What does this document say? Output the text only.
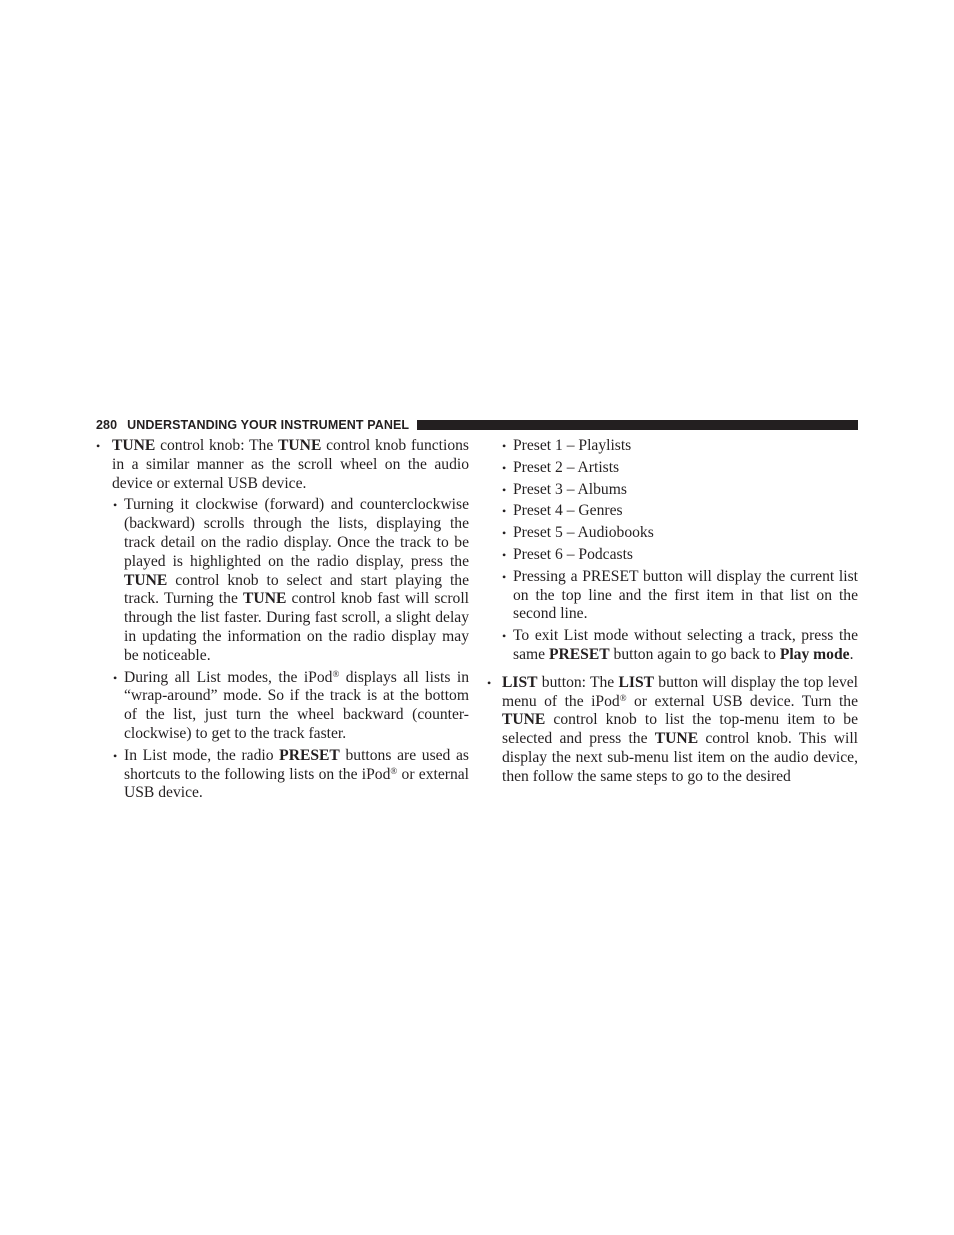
280 UNDERSTANDING YOUR INSTRUMENT PANEL
• TUNE control knob: The TUNE control knob functions in a similar manner as the scroll wheel on the audio device or external USB device.
• Turning it clockwise (forward) and counterclockwise (backward) scrolls through the lists, displaying the track detail on the radio display. Once the track to be played is highlighted on the radio display, press the TUNE control knob to select and start playing the track. Turning the TUNE control knob fast will scroll through the list faster. During fast scroll, a slight delay in updating the information on the radio display may be noticeable.
• During all List modes, the iPod® displays all lists in “wrap-around” mode. So if the track is at the bottom of the list, just turn the wheel backward (counter-clockwise) to get to the track faster.
• In List mode, the radio PRESET buttons are used as shortcuts to the following lists on the iPod® or external USB device.
• Preset 1 – Playlists
• Preset 2 – Artists
• Preset 3 – Albums
• Preset 4 – Genres
• Preset 5 – Audiobooks
• Preset 6 – Podcasts
• Pressing a PRESET button will display the current list on the top line and the first item in that list on the second line.
• To exit List mode without selecting a track, press the same PRESET button again to go back to Play mode.
• LIST button: The LIST button will display the top level menu of the iPod® or external USB device. Turn the TUNE control knob to list the top-menu item to be selected and press the TUNE control knob. This will display the next sub-menu list item on the audio device, then follow the same steps to go to the desired
